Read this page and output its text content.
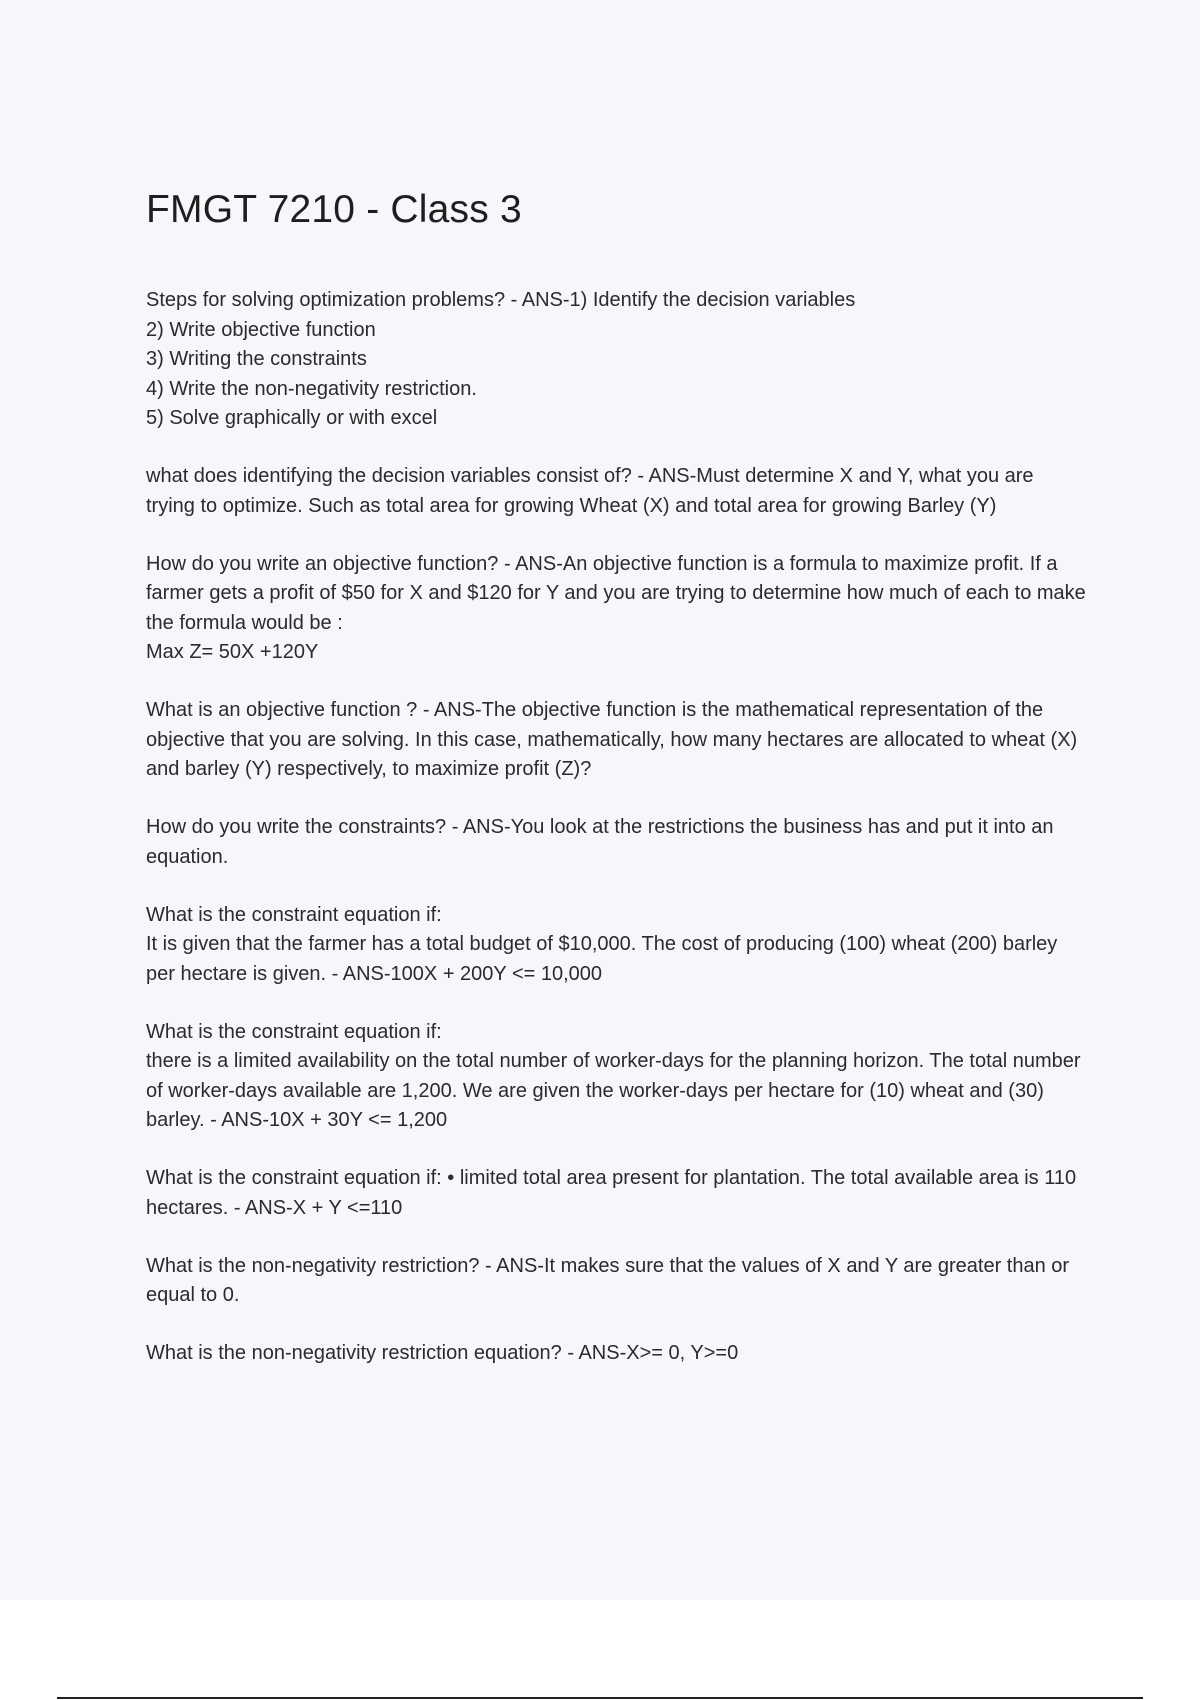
FMGT 7210 - Class 3

Steps for solving optimization problems? - ANS-1) Identify the decision variables

2) Write objective function

3) Writing the constraints

4) Write the non-negativity restriction.

5) Solve graphically or with excel

what does identifying the decision variables consist of? - ANS-Must determine X and Y, what you are trying to optimize. Such as total area for growing Wheat (X) and total area for growing Barley (Y)

How do you write an objective function? - ANS-An objective function is a formula to maximize profit. If a farmer gets a profit of $50 for X and $120 for Y and you are trying to determine how much of each to make the formula would be :

Max Z= 50X +120Y

What is an objective function ? - ANS-The objective function is the mathematical representation of the objective that you are solving. In this case, mathematically, how many hectares are allocated to wheat (X) and barley (Y) respectively, to maximize profit (Z)?

How do you write the constraints? - ANS-You look at the restrictions the business has and put it into an equation.

What is the constraint equation if:

It is given that the farmer has a total budget of $10,000. The cost of producing (100) wheat (200) barley per hectare is given. - ANS-100X + 200Y <= 10,000

What is the constraint equation if:

there is a limited availability on the total number of worker-days for the planning horizon. The total number of worker-days available are 1,200. We are given the worker-days per hectare for (10) wheat and (30) barley. - ANS-10X + 30Y <= 1,200

What is the constraint equation if: • limited total area present for plantation. The total available area is 110 hectares. - ANS-X + Y <=110

What is the non-negativity restriction? - ANS-It makes sure that the values of X and Y are greater than or equal to 0.

What is the non-negativity restriction equation? - ANS-X>= 0, Y>=0
